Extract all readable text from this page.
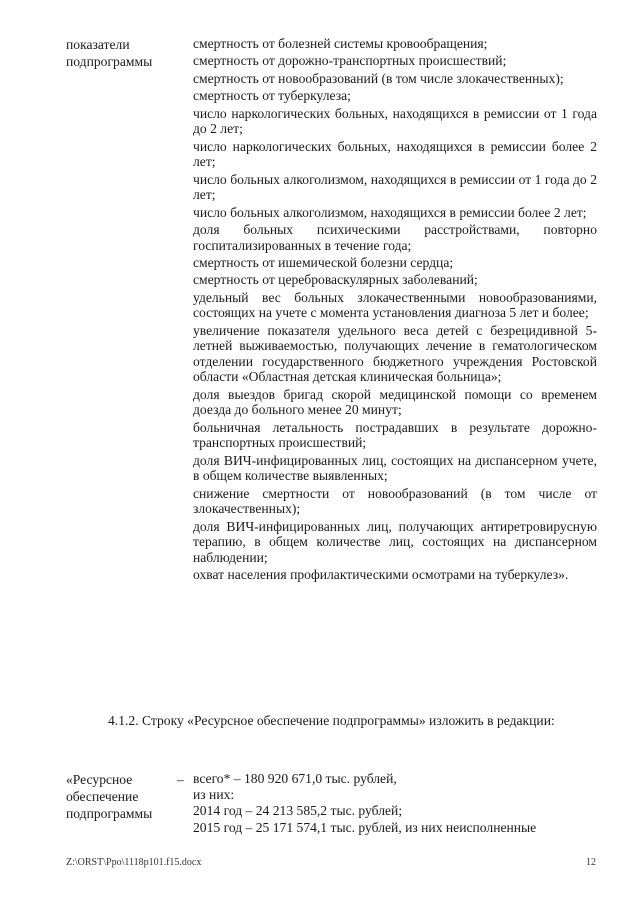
показатели
подпрограммы
смертность от болезней системы кровообращения;
смертность от дорожно-транспортных происшествий;
смертность от новообразований (в том числе злокачественных);
смертность от туберкулеза;
число наркологических больных, находящихся в ремиссии от 1 года до 2 лет;
число наркологических больных, находящихся в ремиссии более 2 лет;
число больных алкоголизмом, находящихся в ремиссии от 1 года до 2 лет;
число больных алкоголизмом, находящихся в ремиссии более 2 лет;
доля больных психическими расстройствами, повторно госпитализированных в течение года;
смертность от ишемической болезни сердца;
смертность от цереброваскулярных заболеваний;
удельный вес больных злокачественными новообразованиями, состоящих на учете с момента установления диагноза 5 лет и более;
увеличение показателя удельного веса детей с безрецидивной 5-летней выживаемостью, получающих лечение в гематологическом отделении государственного бюджетного учреждения Ростовской области «Областная детская клиническая больница»;
доля выездов бригад скорой медицинской помощи со временем доезда до больного менее 20 минут;
больничная летальность пострадавших в результате дорожно-транспортных происшествий;
доля ВИЧ-инфицированных лиц, состоящих на диспансерном учете, в общем количестве выявленных;
снижение смертности от новообразований (в том числе от злокачественных);
доля ВИЧ-инфицированных лиц, получающих антиретровирусную терапию, в общем количестве лиц, состоящих на диспансерном наблюдении;
охват населения профилактическими осмотрами на туберкулез».
4.1.2. Строку «Ресурсное обеспечение подпрограммы» изложить в редакции:
«Ресурсное
обеспечение
подпрограммы
– всего* – 180 920 671,0 тыс. рублей,
из них:
2014 год – 24 213 585,2 тыс. рублей;
2015 год – 25 171 574,1 тыс. рублей, из них неисполненные
Z:\ORST\Ppo\1118p101.f15.docx	12
